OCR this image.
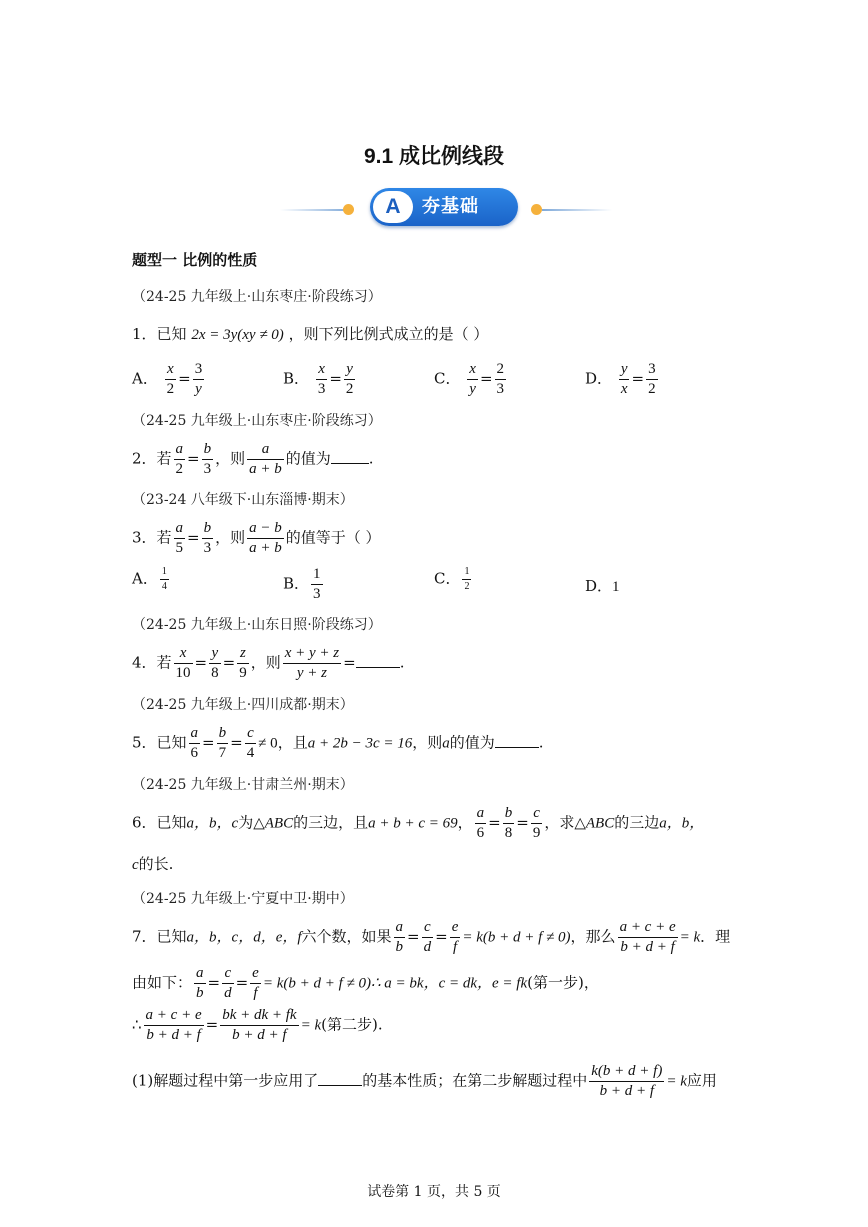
9.1 成比例线段
A	夯基础
题型一 比例的性质
（24-25 九年级上·山东枣庄·阶段练习）
1．已知 2x = 3y(xy ≠ 0) ，则下列比例式成立的是（ ）
A． $\frac{x}{2} = \frac{3}{y}$	B． $\frac{x}{3} = \frac{y}{2}$	C． $\frac{x}{y} = \frac{2}{3}$	D． $\frac{y}{x} = \frac{3}{2}$
（24-25 九年级上·山东枣庄·阶段练习）
2．若 $\frac{a}{2} = \frac{b}{3}$ ，则 $\frac{a}{a + b}$ 的值为	.
（23-24 八年级下·山东淄博·期末）
3．若 $\frac{a}{5} = \frac{b}{3}$ ，则 $\frac{a - b}{a + b}$ 的值等于（ ）
A． $\frac{1}{4}$	B． $\frac{1}{3}$	C． $\frac{1}{2}$	D．1
（24-25 九年级上·山东日照·阶段练习）
4．若 $\frac{x}{10} = \frac{y}{8} = \frac{z}{9}$ ，则 $\frac{x + y + z}{y + z}$ =	.
（24-25 九年级上·四川成都·期末）
5．已知 $\frac{a}{6} = \frac{b}{7} = \frac{c}{4} \ne 0$，且a + 2b − 3c = 16，则a的值为	.
（24-25 九年级上·甘肃兰州·期末）
6．已知a，b，c为△ABC的三边，且a + b + c = 69， $\frac{a}{6} = \frac{b}{8} = \frac{c}{9}$ ，求△ABC的三边a，b，
c的长.
（24-25 九年级上·宁夏中卫·期中）
7．已知a，b，c，d，e，f六个数，如果 $\frac{a}{b} = \frac{c}{d} = \frac{e}{f} = k(b + d + f \ne 0)$，那么 $\frac{a + c + e}{b + d + f} = k$．理
由如下： $\frac{a}{b} = \frac{c}{d} = \frac{e}{f} = k(b + d + f$ ≠ 0)∴ a = bk，c = dk，e = fk(第一步)，
∴ $\frac{a + c + e}{b + d + f} = \frac{bk + dk + fk}{b + d + f} = k$(第二步).
(1)解题过程中第一步应用了	的基本性质；在第二步解题过程中 $\frac{k(b + d + f)}{b + d + f} = k$应用
试卷第 1 页，共 5 页
